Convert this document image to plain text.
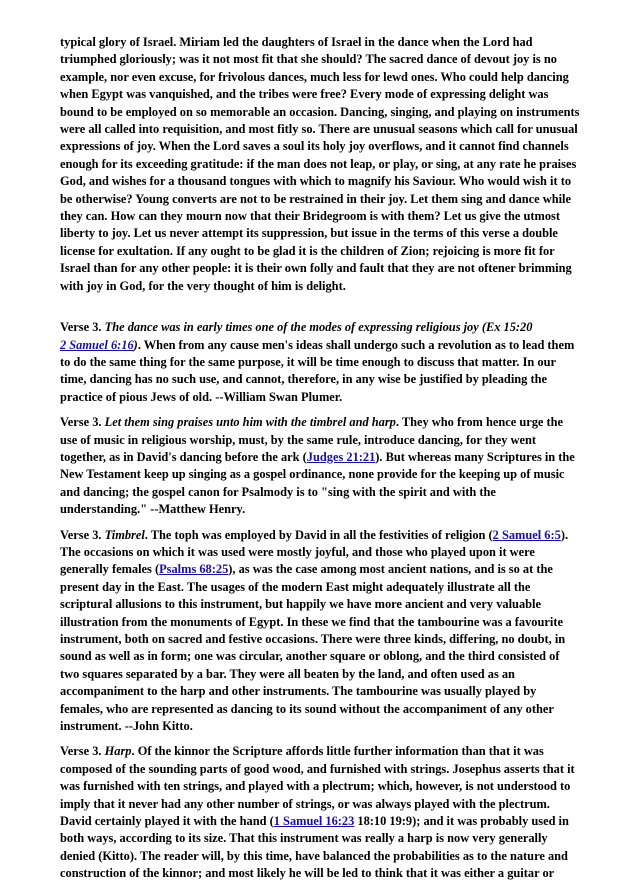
typical glory of Israel. Miriam led the daughters of Israel in the dance when the Lord had triumphed gloriously; was it not most fit that she should? The sacred dance of devout joy is no example, nor even excuse, for frivolous dances, much less for lewd ones. Who could help dancing when Egypt was vanquished, and the tribes were free? Every mode of expressing delight was bound to be employed on so memorable an occasion. Dancing, singing, and playing on instruments were all called into requisition, and most fitly so. There are unusual seasons which call for unusual expressions of joy. When the Lord saves a soul its holy joy overflows, and it cannot find channels enough for its exceeding gratitude: if the man does not leap, or play, or sing, at any rate he praises God, and wishes for a thousand tongues with which to magnify his Saviour. Who would wish it to be otherwise? Young converts are not to be restrained in their joy. Let them sing and dance while they can. How can they mourn now that their Bridegroom is with them? Let us give the utmost liberty to joy. Let us never attempt its suppression, but issue in the terms of this verse a double license for exultation. If any ought to be glad it is the children of Zion; rejoicing is more fit for Israel than for any other people: it is their own folly and fault that they are not oftener brimming with joy in God, for the very thought of him is delight.

Verse 3. The dance was in early times one of the modes of expressing religious joy (Ex 15:20
2 Samuel 6:16). When from any cause men's ideas shall undergo such a revolution as to lead them to do the same thing for the same purpose, it will be time enough to discuss that matter. In our time, dancing has no such use, and cannot, therefore, in any wise be justified by pleading the practice of pious Jews of old. --William Swan Plumer.

Verse 3. Let them sing praises unto him with the timbrel and harp. They who from hence urge the use of music in religious worship, must, by the same rule, introduce dancing, for they went together, as in David's dancing before the ark (Judges 21:21). But whereas many Scriptures in the New Testament keep up singing as a gospel ordinance, none provide for the keeping up of music and dancing; the gospel canon for Psalmody is to "sing with the spirit and with the understanding." --Matthew Henry.

Verse 3. Timbrel. The toph was employed by David in all the festivities of religion (2 Samuel 6:5). The occasions on which it was used were mostly joyful, and those who played upon it were generally females (Psalms 68:25), as was the case among most ancient nations, and is so at the present day in the East. The usages of the modern East might adequately illustrate all the scriptural allusions to this instrument, but happily we have more ancient and very valuable illustration from the monuments of Egypt. In these we find that the tambourine was a favourite instrument, both on sacred and festive occasions. There were three kinds, differing, no doubt, in sound as well as in form; one was circular, another square or oblong, and the third consisted of two squares separated by a bar. They were all beaten by the land, and often used as an accompaniment to the harp and other instruments. The tambourine was usually played by females, who are represented as dancing to its sound without the accompaniment of any other instrument. --John Kitto.

Verse 3. Harp. Of the kinnor the Scripture affords little further information than that it was composed of the sounding parts of good wood, and furnished with strings. Josephus asserts that it was furnished with ten strings, and played with a plectrum; which, however, is not understood to imply that it never had any other number of strings, or was always played with the plectrum. David certainly played it with the hand (1 Samuel 16:23 18:10 19:9); and it was probably used in both ways, according to its size. That this instrument was really a harp is now very generally denied (Kitto). The reader will, by this time, have balanced the probabilities as to the nature and construction of the kinnor; and most likely he will be led to think that it was either a guitar or
